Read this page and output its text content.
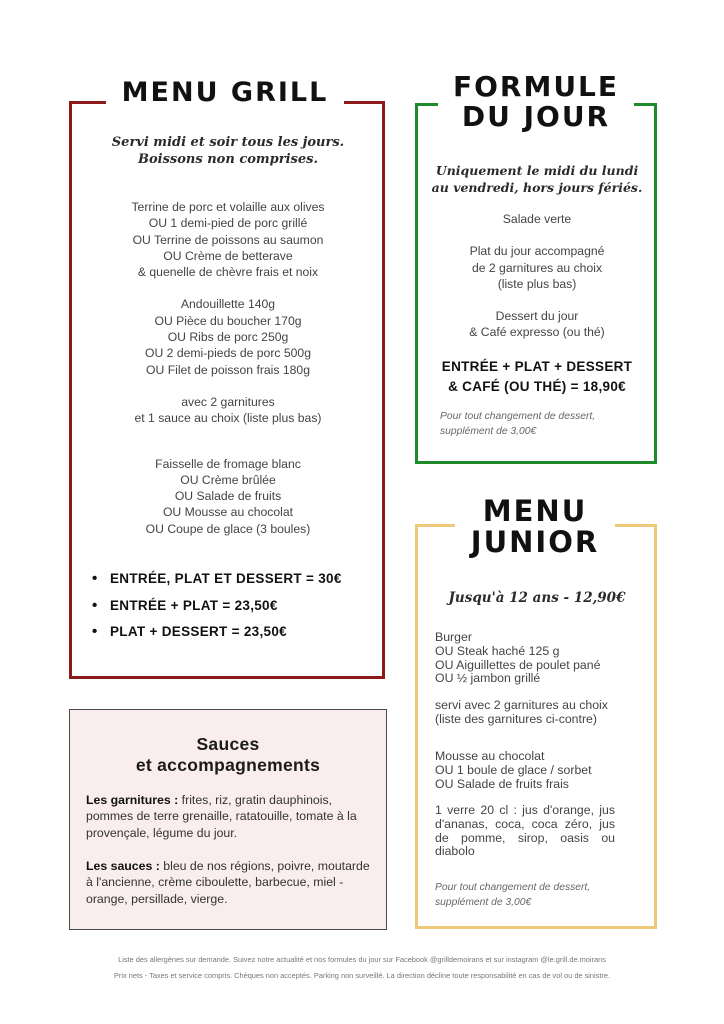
MENU GRILL
Servi midi et soir tous les jours.
Boissons non comprises.
Terrine de porc et volaille aux olives
OU 1 demi-pied de porc grillé
OU Terrine de poissons au saumon
OU Crème de betterave
& quenelle de chèvre frais et noix
Andouillette 140g
OU Pièce du boucher 170g
OU Ribs de porc 250g
OU 2 demi-pieds de porc 500g
OU Filet de poisson frais 180g
avec 2 garnitures
et 1 sauce au choix (liste plus bas)
Faisselle de fromage blanc
OU Crème brûlée
OU Salade de fruits
OU Mousse au chocolat
OU Coupe de glace (3 boules)
• ENTRÉE, PLAT ET DESSERT = 30€
• ENTRÉE + PLAT = 23,50€
• PLAT + DESSERT = 23,50€
FORMULE
DU JOUR
Uniquement le midi du lundi
au vendredi, hors jours fériés.
Salade verte
Plat du jour accompagné
de 2 garnitures au choix
(liste plus bas)
Dessert du jour
& Café expresso (ou thé)
ENTRÉE + PLAT + DESSERT
& CAFÉ (OU THÉ) = 18,90€
Pour tout changement de dessert,
supplément de 3,00€
MENU
JUNIOR
Jusqu'à 12 ans - 12,90€
Burger
OU Steak haché 125 g
OU Aiguillettes de poulet pané
OU ½ jambon grillé
servi avec 2 garnitures au choix
(liste des garnitures ci-contre)
Mousse au chocolat
OU 1 boule de glace / sorbet
OU Salade de fruits frais
1 verre 20 cl : jus d'orange, jus d'ananas, coca, coca zéro, jus de pomme, sirop, oasis ou diabolo
Pour tout changement de dessert,
supplément de 3,00€
Sauces
et accompagnements
Les garnitures : frites, riz, gratin dauphinois, pommes de terre grenaille, ratatouille, tomate à la provençale, légume du jour.
Les sauces : bleu de nos régions, poivre, moutarde à l'ancienne, crème ciboulette, barbecue, miel - orange, persillade, vierge.
Liste des allergènes sur demande. Suivez notre actualité et nos formules du jour sur Facebook @grilldemoirans et sur instagram @le.grill.de.moirans
Prix nets - Taxes et service compris. Chèques non acceptés. Parking non surveillé. La direction décline toute responsabilité en cas de vol ou de sinistre.
